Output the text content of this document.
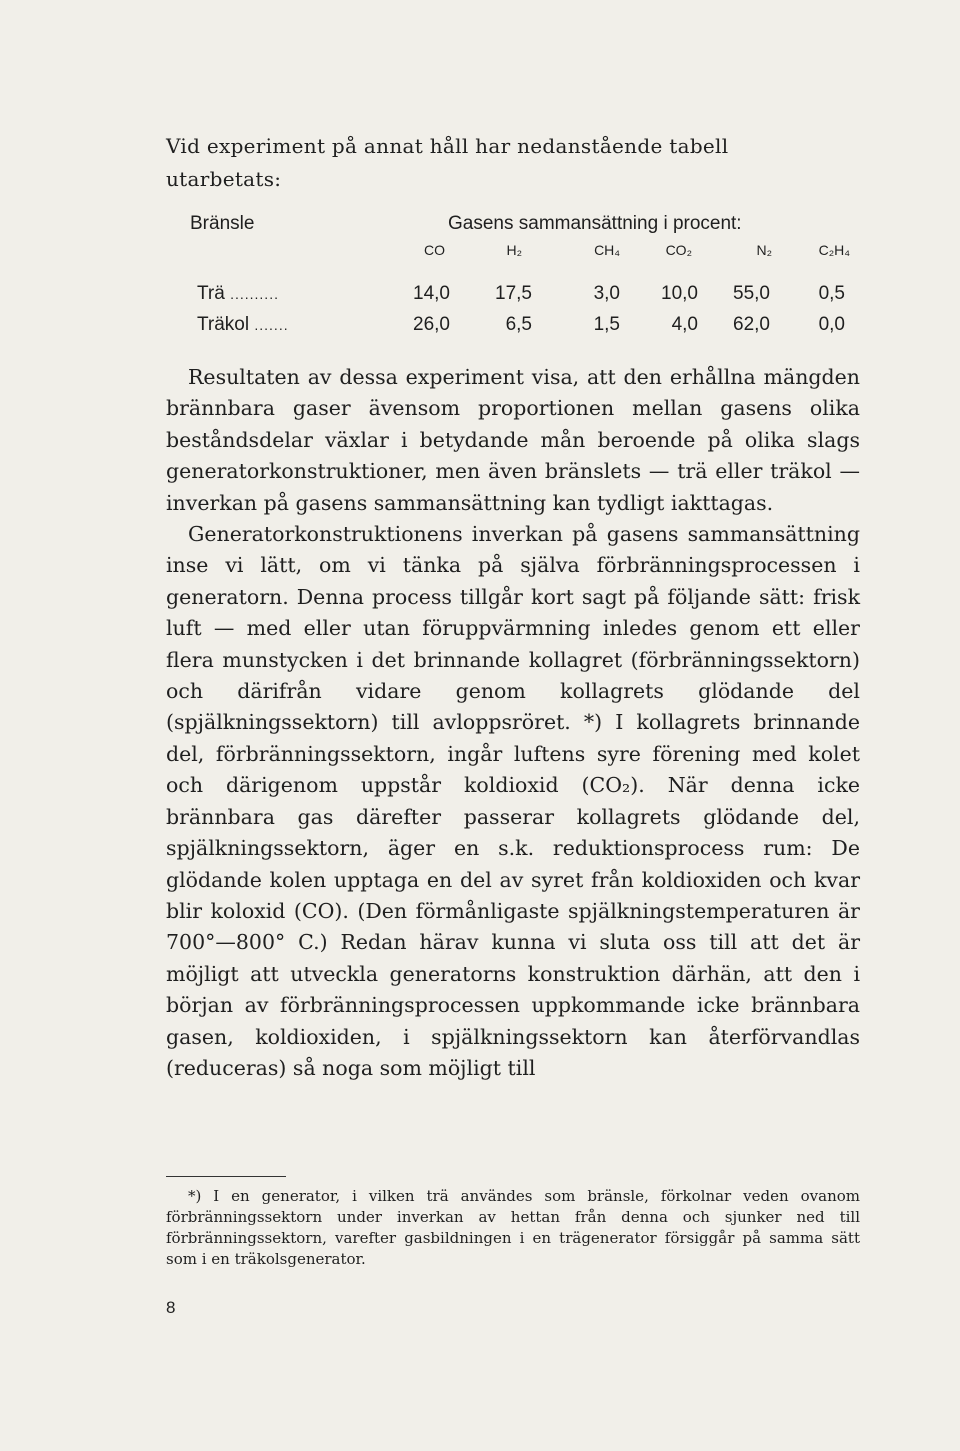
Vid experiment på annat håll har nedanstående tabell
utarbetats:
Bränsle	Gasens sammansättning i procent:
CO	H₂	CH₄	CO₂	N₂	C₂H₄
Trä ..........	14,0	17,5	3,0	10,0	55,0	0,5
Träkol .......	26,0	6,5	1,5	4,0	62,0	0,0

Resultaten av dessa experiment visa, att den erhållna mängden brännbara gaser ävensom proportionen mellan gasens olika beståndsdelar växlar i betydande mån beroende på olika slags generatorkonstruktioner, men även bränslets — trä eller träkol — inverkan på gasens sammansättning kan tydligt iakttagas.

Generatorkonstruktionens inverkan på gasens sammansättning inse vi lätt, om vi tänka på själva förbränningsprocessen i generatorn. Denna process tillgår kort sagt på följande sätt: frisk luft — med eller utan föruppvärmning inledes genom ett eller flera munstycken i det brinnande kollagret (förbränningssektorn) och därifrån vidare genom kollagrets glödande del (spjälkningssektorn) till avloppsröret. *) I kollagrets brinnande del, förbränningssektorn, ingår luftens syre förening med kolet och därigenom uppstår koldioxid (CO₂). När denna icke brännbara gas därefter passerar kollagrets glödande del, spjälkningssektorn, äger en s.k. reduktionsprocess rum: De glödande kolen upptaga en del av syret från koldioxiden och kvar blir koloxid (CO). (Den förmånligaste spjälkningstemperaturen är 700°—800° C.) Redan härav kunna vi sluta oss till att det är möjligt att utveckla generatorns konstruktion därhän, att den i början av förbränningsprocessen uppkommande icke brännbara gasen, koldioxiden, i spjälkningssektorn kan återförvandlas (reduceras) så noga som möjligt till

*) I en generator, i vilken trä användes som bränsle, förkolnar veden ovanom förbränningssektorn under inverkan av hettan från denna och sjunker ned till förbränningssektorn, varefter gasbildningen i en trägenerator försiggår på samma sätt som i en träkolsgenerator.

8
